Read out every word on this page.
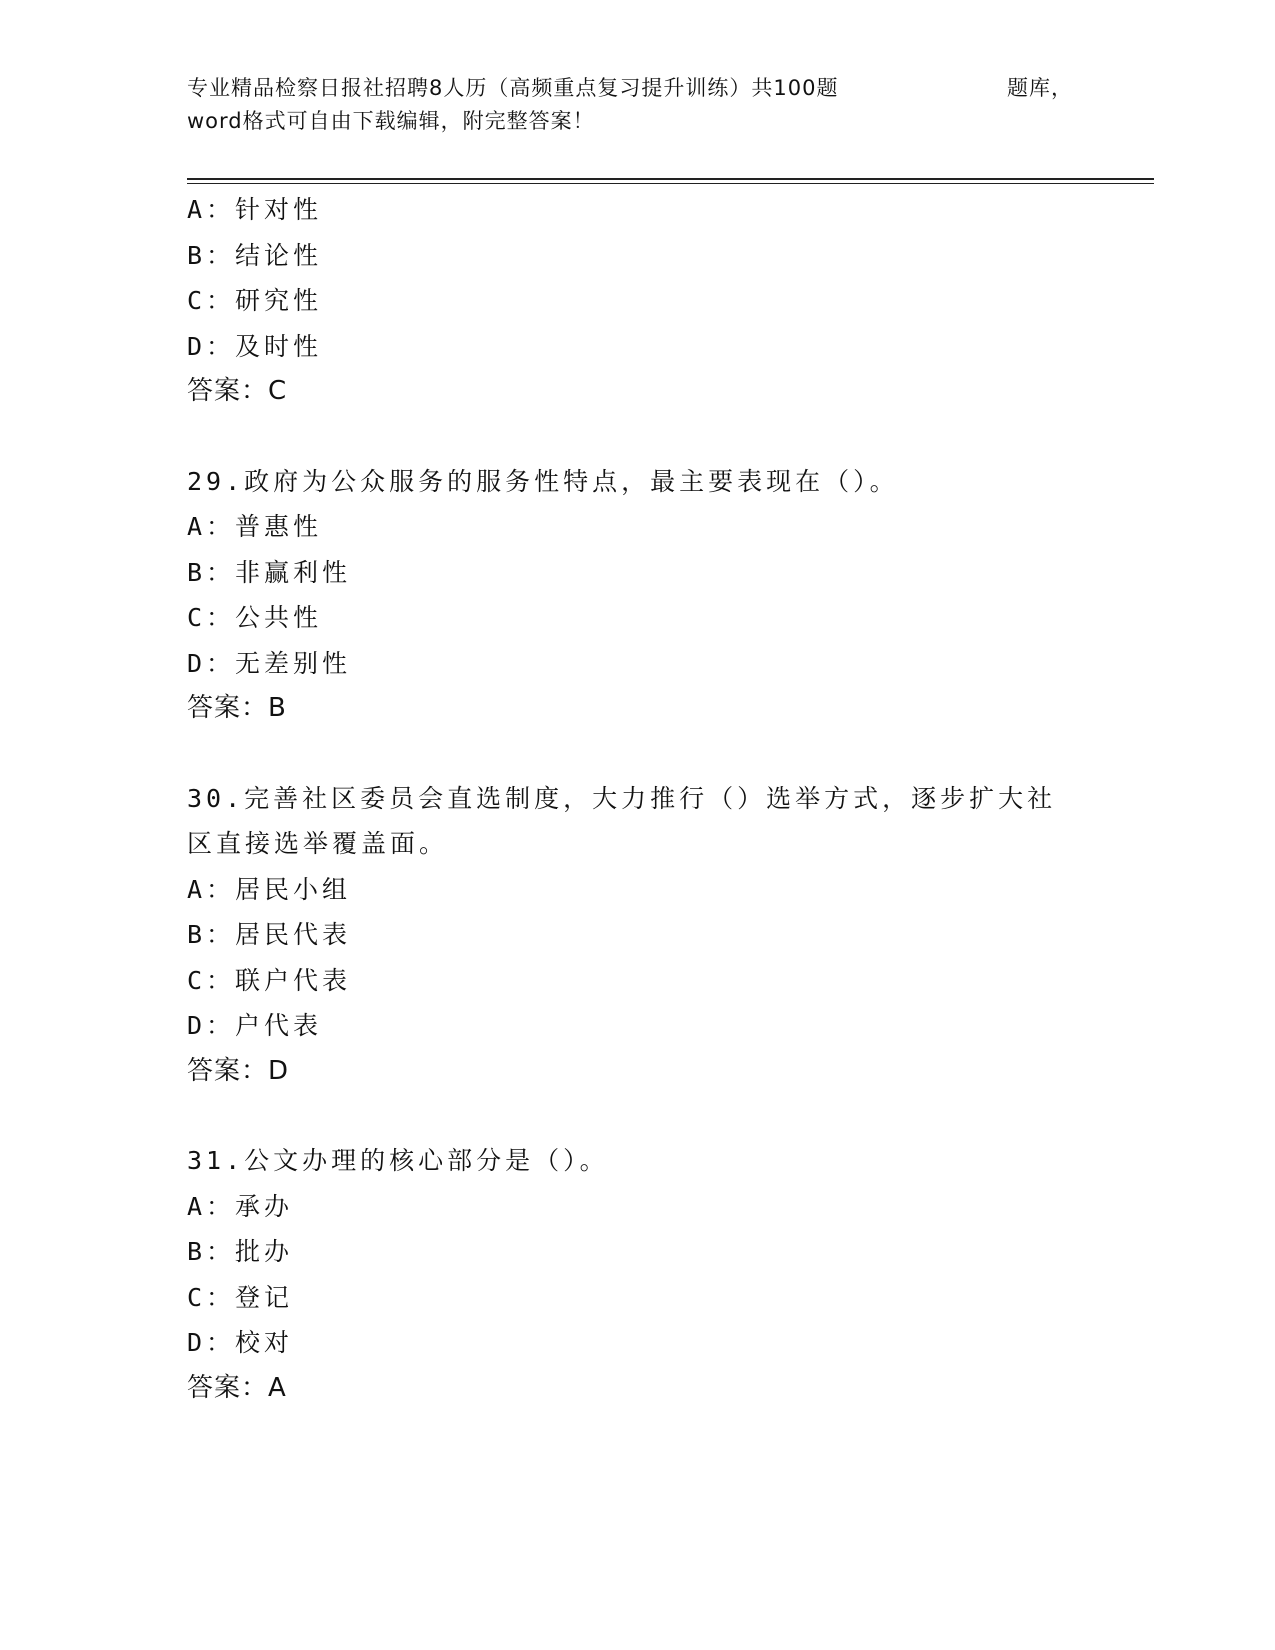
专业精品检察日报社招聘8人历（高频重点复习提升训练）共100题	题库，
word格式可自由下载编辑，附完整答案！
A：针对性
B：结论性
C：研究性
D：及时性
答案：C
29.政府为公众服务的服务性特点，最主要表现在（）。
A：普惠性
B：非赢利性
C：公共性
D：无差别性
答案：B
30.完善社区委员会直选制度，大力推行（）选举方式，逐步扩大社区直接选举覆盖面。
A：居民小组
B：居民代表
C：联户代表
D：户代表
答案：D
31.公文办理的核心部分是（）。
A：承办
B：批办
C：登记
D：校对
答案：A
